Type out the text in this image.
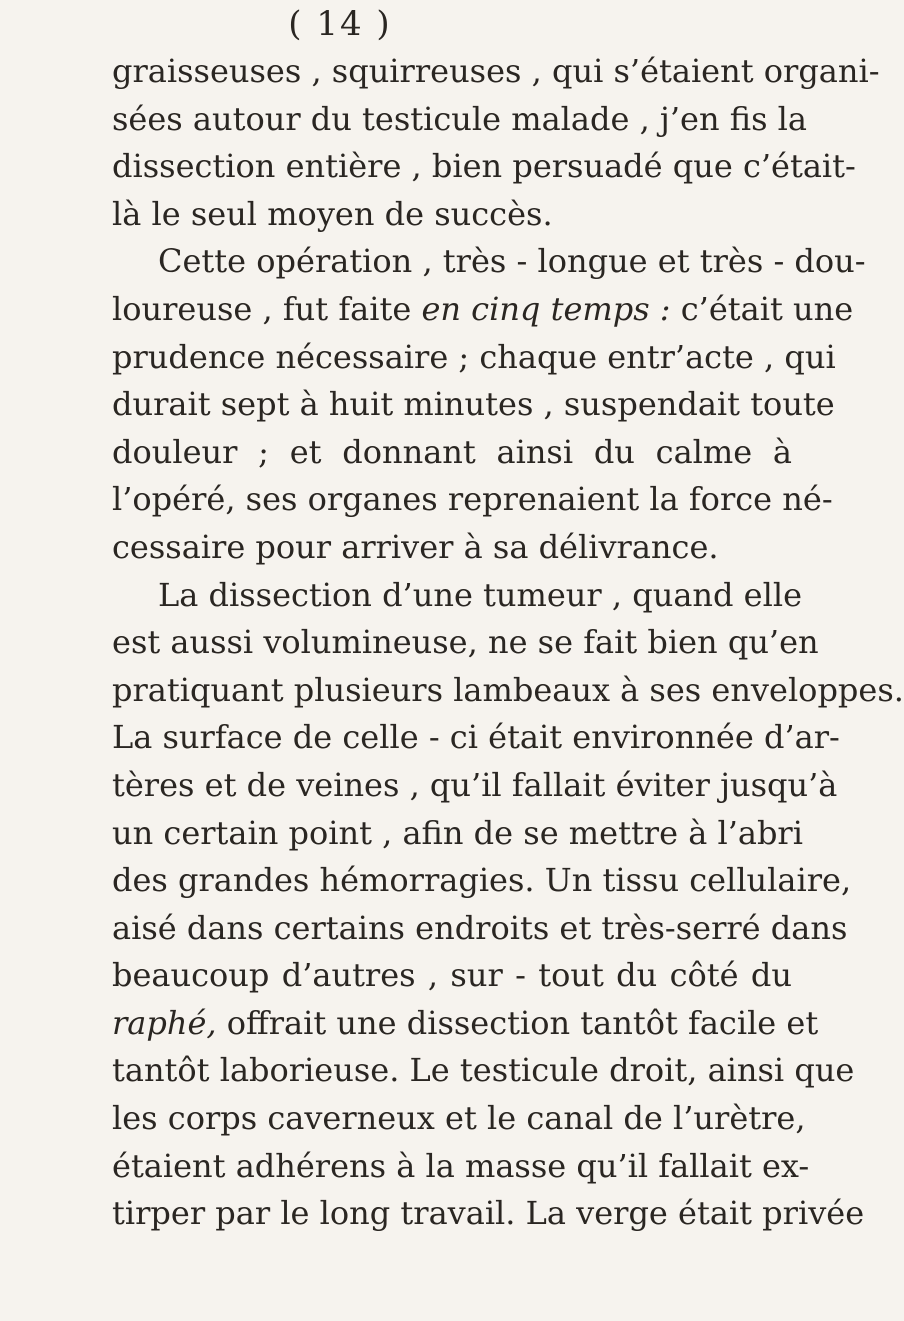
( 14 )
graisseuses , squirreuses , qui s’étaient organi-
sées autour du testicule malade , j’en fis la
dissection entière , bien persuadé que c’était-
là le seul moyen de succès.
Cette opération , très - longue et très - dou-
loureuse , fut faite en cinq temps : c’était une
prudence nécessaire ; chaque entr’acte , qui
durait sept à huit minutes , suspendait toute
douleur ; et donnant ainsi du calme à
l’opéré, ses organes reprenaient la force né-
cessaire pour arriver à sa délivrance.
La dissection d’une tumeur , quand elle
est aussi volumineuse, ne se fait bien qu’en
pratiquant plusieurs lambeaux à ses enveloppes.
La surface de celle - ci était environnée d’ar-
tères et de veines , qu’il fallait éviter jusqu’à
un certain point , afin de se mettre à l’abri
des grandes hémorragies. Un tissu cellulaire,
aisé dans certains endroits et très-serré dans
beaucoup d’autres , sur - tout du côté du
raphé, offrait une dissection tantôt facile et
tantôt laborieuse. Le testicule droit, ainsi que
les corps caverneux et le canal de l’urètre,
étaient adhérens à la masse qu’il fallait ex-
tirper par le long travail. La verge était privée
